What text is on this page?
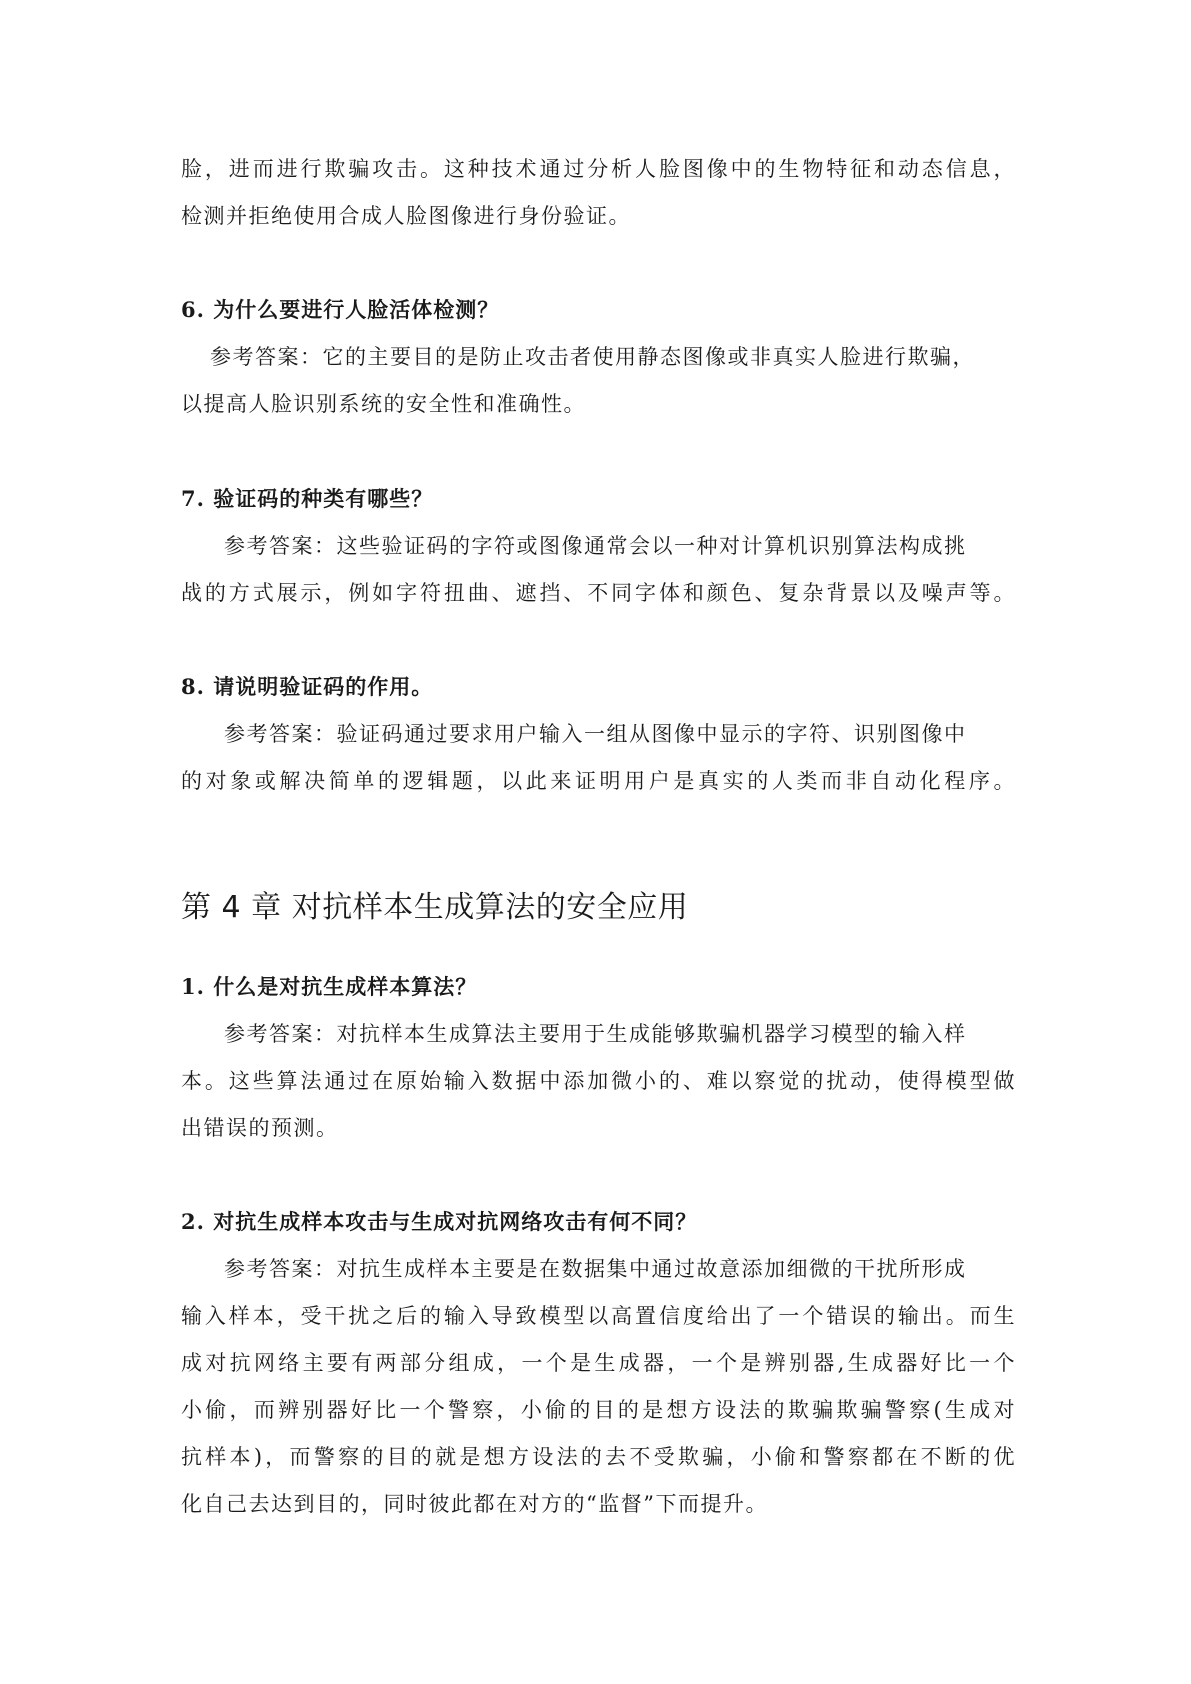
脸，进而进行欺骗攻击。这种技术通过分析人脸图像中的生物特征和动态信息，
检测并拒绝使用合成人脸图像进行身份验证。
6. 为什么要进行人脸活体检测？
参考答案：它的主要目的是防止攻击者使用静态图像或非真实人脸进行欺骗，
以提高人脸识别系统的安全性和准确性。
7. 验证码的种类有哪些？
参考答案：这些验证码的字符或图像通常会以一种对计算机识别算法构成挑
战的方式展示，例如字符扭曲、遮挡、不同字体和颜色、复杂背景以及噪声等。
8. 请说明验证码的作用。
参考答案：验证码通过要求用户输入一组从图像中显示的字符、识别图像中
的对象或解决简单的逻辑题，以此来证明用户是真实的人类而非自动化程序。
第 4 章 对抗样本生成算法的安全应用
1. 什么是对抗生成样本算法？
参考答案：对抗样本生成算法主要用于生成能够欺骗机器学习模型的输入样
本。这些算法通过在原始输入数据中添加微小的、难以察觉的扰动，使得模型做
出错误的预测。
2. 对抗生成样本攻击与生成对抗网络攻击有何不同？
参考答案：对抗生成样本主要是在数据集中通过故意添加细微的干扰所形成
输入样本，受干扰之后的输入导致模型以高置信度给出了一个错误的输出。而生
成对抗网络主要有两部分组成，一个是生成器，一个是辨别器,生成器好比一个
小偷，而辨别器好比一个警察，小偷的目的是想方设法的欺骗欺骗警察(生成对
抗样本)，而警察的目的就是想方设法的去不受欺骗，小偷和警察都在不断的优
化自己去达到目的，同时彼此都在对方的“监督”下而提升。
